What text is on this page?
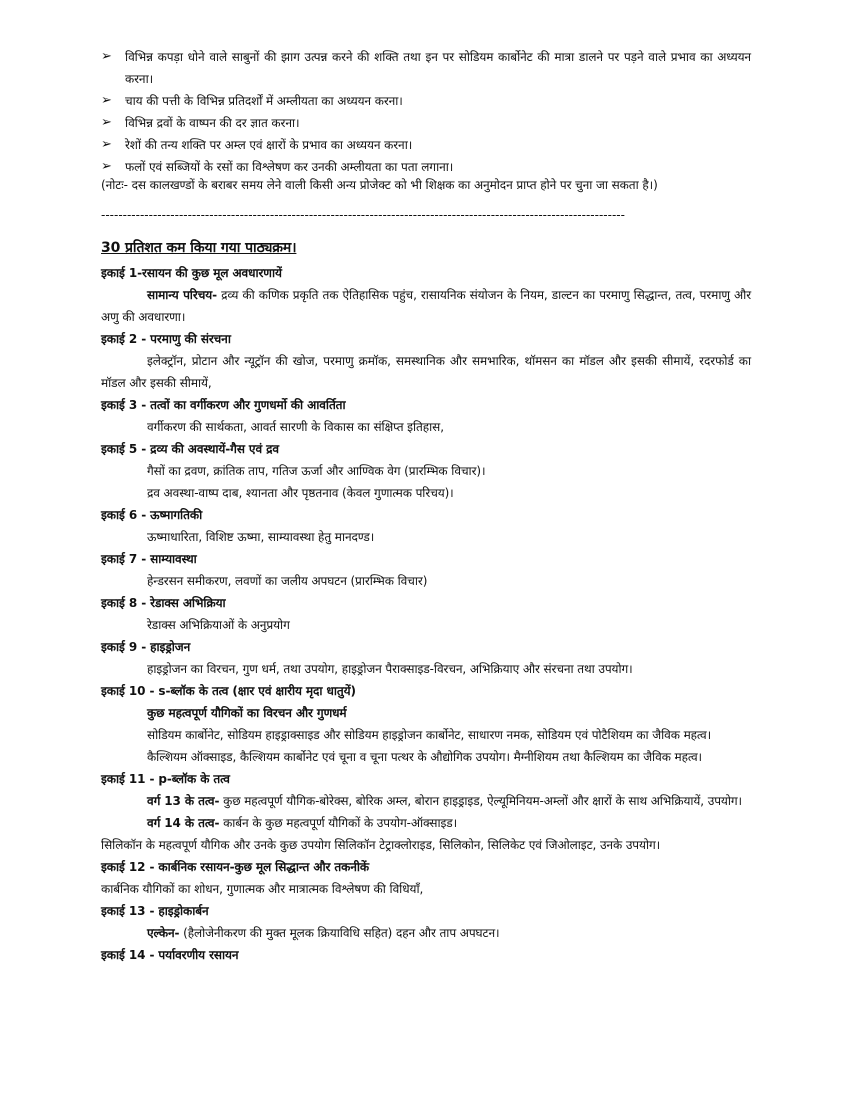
➢	विभिन्न कपड़ा धोने वाले साबुनों की झाग उत्पन्न करने की शक्ति तथा इन पर सोडियम कार्बोनेट की मात्रा डालने पर पड़ने वाले प्रभाव का अध्ययन करना।
➢	चाय की पत्ती के विभिन्न प्रतिदर्शों में अम्लीयता का अध्ययन करना।
➢	विभिन्न द्रवों के वाष्पन की दर ज्ञात करना।
➢	रेशों की तन्य शक्ति पर अम्ल एवं क्षारों के प्रभाव का अध्ययन करना।
➢	फलों एवं सब्जियों के रसों का विश्लेषण कर उनकी अम्लीयता का पता लगाना।
(नोटः- दस कालखण्डों के बराबर समय लेने वाली किसी अन्य प्रोजेक्ट को भी शिक्षक का अनुमोदन प्राप्त होने पर चुना जा सकता है।)
-------------------------------------------------------------------------------------------------------------------------
30 प्रतिशत कम किया गया पाठ्यक्रम।
इकाई 1-रसायन की कुछ मूल अवधारणायें
सामान्य परिचय- द्रव्य की कणिक प्रकृति तक ऐतिहासिक पहुंच, रासायनिक संयोजन के नियम, डाल्टन का परमाणु सिद्धान्त, तत्व, परमाणु और अणु की अवधारणा।
इकाई 2 - परमाणु की संरचना
इलेक्ट्रॉन, प्रोटान और न्यूट्रॉन की खोज, परमाणु क्रमॉक, समस्थानिक और समभारिक, थॉमसन का मॉडल और इसकी सीमायें, रदरफोर्ड का मॉडल और इसकी सीमायें,
इकाई 3 - तत्वों का वर्गीकरण और गुणधर्मो की आवर्तिता
वर्गीकरण की सार्थकता, आवर्त सारणी के विकास का संक्षिप्त इतिहास,
इकाई 5 - द्रव्य की अवस्थायें-गैस एवं द्रव
गैसों का द्रवण, क्रांतिक ताप, गतिज ऊर्जा और आण्विक वेग (प्रारम्भिक विचार)।
द्रव अवस्था-वाष्प दाब, श्यानता और पृष्ठतनाव (केवल गुणात्मक परिचय)।
इकाई 6 - ऊष्मागतिकी
ऊष्माधारिता, विशिष्ट ऊष्मा, साम्यावस्था हेतु मानदण्ड।
इकाई 7 - साम्यावस्था
हेन्डरसन समीकरण, लवणों का जलीय अपघटन (प्रारम्भिक विचार)
इकाई 8 - रेडाक्स अभिक्रिया
रेडाक्स अभिक्रियाओं के अनुप्रयोग
इकाई 9 - हाइड्रोजन
हाइड्रोजन का विरचन, गुण धर्म, तथा उपयोग, हाइड्रोजन पैराक्साइड-विरचन, अभिक्रियाए और संरचना तथा उपयोग।
इकाई 10 - s-ब्लॉक के तत्व (क्षार एवं क्षारीय मृदा धातुयें)
कुछ महत्वपूर्ण यौगिकों का विरचन और गुणधर्म
सोडियम कार्बोनेट, सोडियम हाइड्राक्साइड और सोडियम हाइड्रोजन कार्बोनेट, साधारण नमक, सोडियम एवं पोटैशियम का जैविक महत्व।
कैल्शियम ऑक्साइड, कैल्शियम कार्बोनेट एवं चूना व चूना पत्थर के औद्योगिक उपयोग। मैग्नीशियम तथा कैल्शियम का जैविक महत्व।
इकाई 11 - p-ब्लॉक के तत्व
वर्ग 13 के तत्व- कुछ महत्वपूर्ण यौगिक-बोरेक्स, बोरिक अम्ल, बोरान हाइड्राइड, ऐल्यूमिनियम-अम्लों और क्षारों के साथ अभिक्रियायें, उपयोग।
वर्ग 14 के तत्व- कार्बन के कुछ महत्वपूर्ण यौगिकों के उपयोग-ऑक्साइड।
सिलिकॉन के महत्वपूर्ण यौगिक और उनके कुछ उपयोग सिलिकॉन टेट्राक्लोराइड, सिलिकोन, सिलिकेट एवं जिओलाइट, उनके उपयोग।
इकाई 12 - कार्बनिक रसायन-कुछ मूल सिद्धान्त और तकनीकें
कार्बनिक यौगिकों का शोधन, गुणात्मक और मात्रात्मक विश्लेषण की विधियाँ,
इकाई 13 - हाइड्रोकार्बन
एल्केन- (हैलोजेनीकरण की मुक्त मूलक क्रियाविधि सहित) दहन और ताप अपघटन।
इकाई 14 - पर्यावरणीय रसायन
